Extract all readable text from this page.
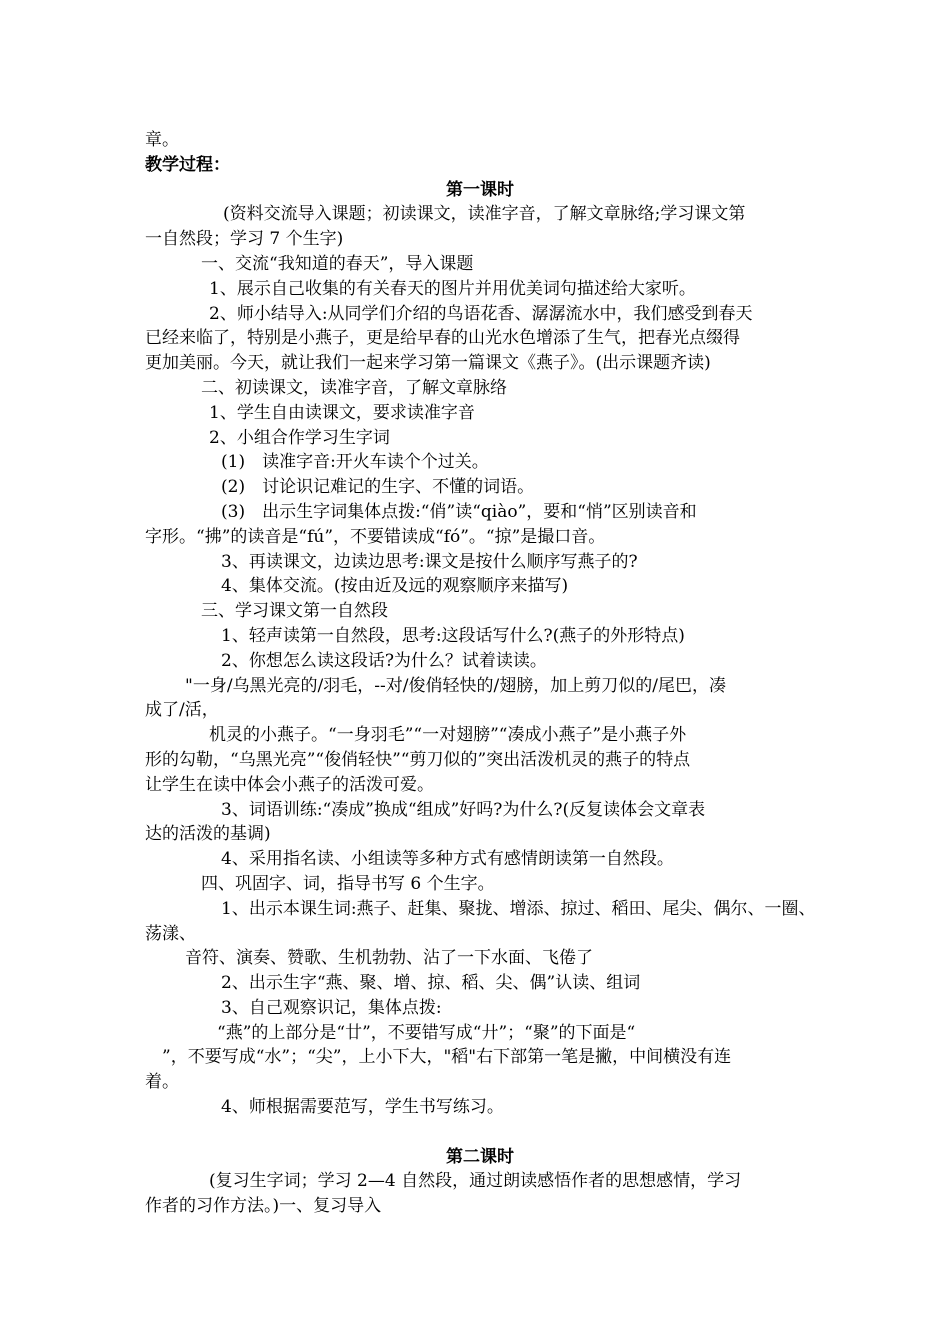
章。
教学过程：
第一课时
(资料交流导入课题；初读课文，读准字音，了解文章脉络;学习课文第
一自然段；学习 7 个生字)
一、交流“我知道的春天”，导入课题
1、展示自己收集的有关春天的图片并用优美词句描述给大家听。
2、师小结导入:从同学们介绍的鸟语花香、潺潺流水中，我们感受到春天
已经来临了，特别是小燕子，更是给早春的山光水色增添了生气，把春光点缀得
更加美丽。今天，就让我们一起来学习第一篇课文《燕子》。(出示课题齐读)
二、初读课文，读准字音，了解文章脉络
1、学生自由读课文，要求读准字音
2、小组合作学习生字词
(1)　读准字音:开火车读个个过关。
(2)　讨论识记难记的生字、不懂的词语。
(3)　出示生字词集体点拨:“俏”读“qiào”，要和“悄”区别读音和
字形。“拂”的读音是“fú”，不要错读成“fó”。“掠”是撮口音。
3、再读课文，边读边思考:课文是按什么顺序写燕子的?
4、集体交流。(按由近及远的观察顺序来描写)
三、学习课文第一自然段
1、轻声读第一自然段，思考:这段话写什么?(燕子的外形特点)
2、你想怎么读这段话?为什么？试着读读。
"一身/乌黑光亮的/羽毛，--对/俊俏轻快的/翅膀，加上剪刀似的/尾巴，凑
成了/活，
机灵的小燕子。“一身羽毛”“一对翅膀”“凑成小燕子”是小燕子外
形的勾勒，“乌黑光亮”“俊俏轻快”“剪刀似的”突出活泼机灵的燕子的特点
让学生在读中体会小燕子的活泼可爱。
3、词语训练:“凑成”换成“组成”好吗?为什么?(反复读体会文章表
达的活泼的基调)
4、采用指名读、小组读等多种方式有感情朗读第一自然段。
四、巩固字、词，指导书写 6 个生字。
1、出示本课生词:燕子、赶集、聚拢、增添、掠过、稻田、尾尖、偶尔、一圈、
荡漾、
音符、演奏、赞歌、生机勃勃、沾了一下水面、飞倦了
2、出示生字“燕、聚、增、掠、稻、尖、偶”认读、组词
3、自己观察识记，集体点拨:
“燕”的上部分是“廿”，不要错写成“廾”；“聚”的下面是“
　”，不要写成“水”；“尖”，上小下大，"稻"右下部第一笔是撇，中间横没有连
着。
4、师根据需要范写，学生书写练习。
第二课时
(复习生字词；学习 2—4 自然段，通过朗读感悟作者的思想感情，学习
作者的习作方法。)一、复习导入
